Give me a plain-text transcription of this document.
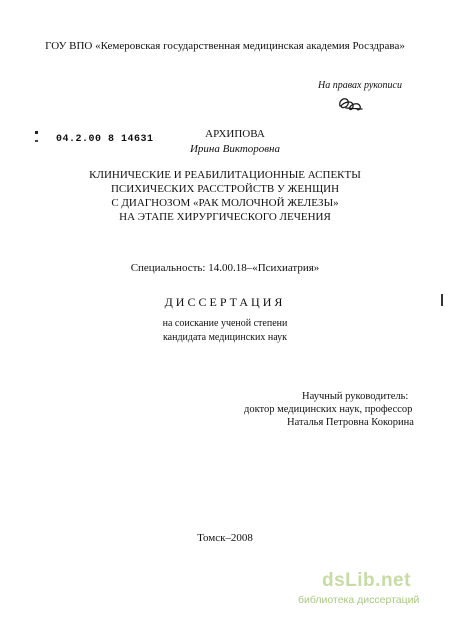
ГОУ ВПО «Кемеровская государственная медицинская академия Росздрава»
На правах рукописи
04.2.00 8 14631	АРХИПОВА
Ирина Викторовна
КЛИНИЧЕСКИЕ И РЕАБИЛИТАЦИОННЫЕ АСПЕКТЫ
ПСИХИЧЕСКИХ РАССТРОЙСТВ У ЖЕНЩИН
С ДИАГНОЗОМ «РАК МОЛОЧНОЙ ЖЕЛЕЗЫ»
НА ЭТАПЕ ХИРУРГИЧЕСКОГО ЛЕЧЕНИЯ
Специальность: 14.00.18–«Психиатрия»
ДИССЕРТАЦИЯ
на соискание ученой степени
кандидата медицинских наук
Научный руководитель:
доктор медицинских наук, профессор
Наталья Петровна Кокорина
Томск–2008
dsLib.net
библиотека диссертаций
